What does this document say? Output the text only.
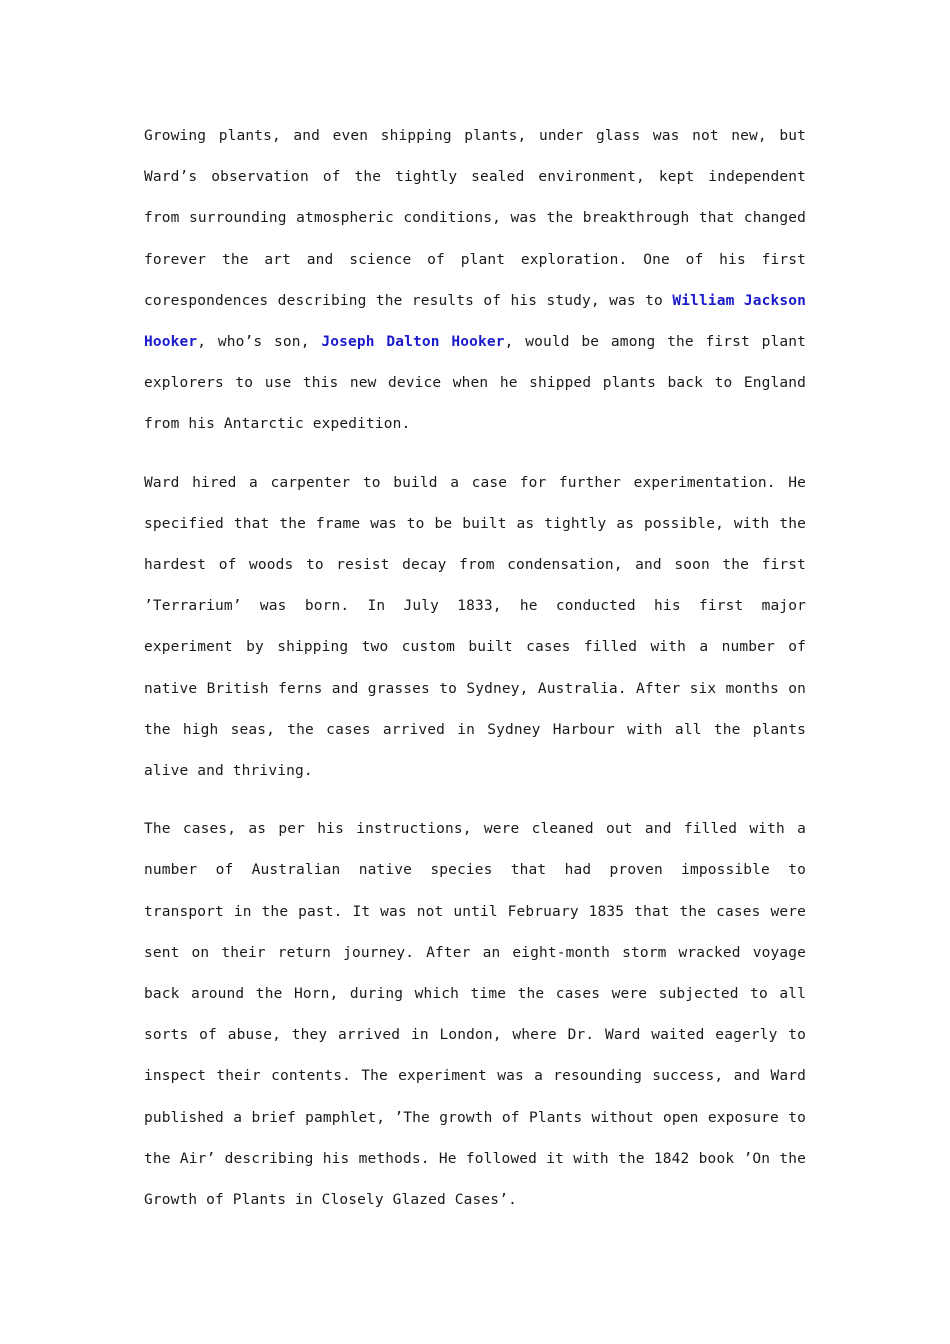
Growing plants, and even shipping plants, under glass was not new, but Ward’s observation of the tightly sealed environment, kept independent from surrounding atmospheric conditions, was the breakthrough that changed forever the art and science of plant exploration. One of his first corespondences describing the results of his study, was to William Jackson Hooker, who’s son, Joseph Dalton Hooker, would be among the first plant explorers to use this new device when he shipped plants back to England from his Antarctic expedition.

Ward hired a carpenter to build a case for further experimentation. He specified that the frame was to be built as tightly as possible, with the hardest of woods to resist decay from condensation, and soon the first ’Terrarium’ was born. In July 1833, he conducted his first major experiment by shipping two custom built cases filled with a number of native British ferns and grasses to Sydney, Australia. After six months on the high seas, the cases arrived in Sydney Harbour with all the plants alive and thriving.

The cases, as per his instructions, were cleaned out and filled with a number of Australian native species that had proven impossible to transport in the past. It was not until February 1835 that the cases were sent on their return journey. After an eight-month storm wracked voyage back around the Horn, during which time the cases were subjected to all sorts of abuse, they arrived in London, where Dr. Ward waited eagerly to inspect their contents. The experiment was a resounding success, and Ward published a brief pamphlet, ’The growth of Plants without open exposure to the Air’ describing his methods. He followed it with the 1842 book ’On the Growth of Plants in Closely Glazed Cases’.
